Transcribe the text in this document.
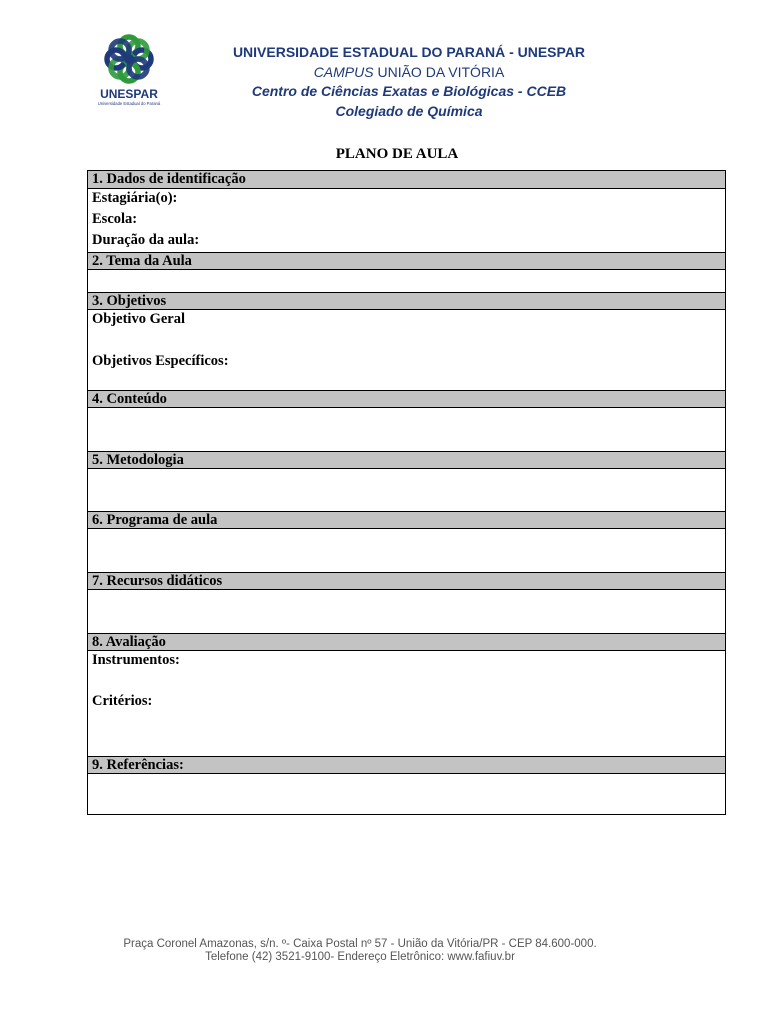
UNESPAR
Universidade Estadual do Paraná
UNIVERSIDADE ESTADUAL DO PARANÁ - UNESPAR
CAMPUS UNIÃO DA VITÓRIA
Centro de Ciências Exatas e Biológicas - CCEB
Colegiado de Química
PLANO DE AULA
1. Dados de identificação
Estagiária(o):
Escola:
Duração da aula:
2. Tema da Aula
3. Objetivos
Objetivo Geral
Objetivos Específicos:
4. Conteúdo
5. Metodologia
6. Programa de aula
7. Recursos didáticos
8. Avaliação
Instrumentos:
Critérios:
9. Referências:
Praça Coronel Amazonas, s/n. º- Caixa Postal nº 57 - União da Vitória/PR - CEP 84.600-000.
Telefone (42) 3521-9100- Endereço Eletrônico: www.fafiuv.br
